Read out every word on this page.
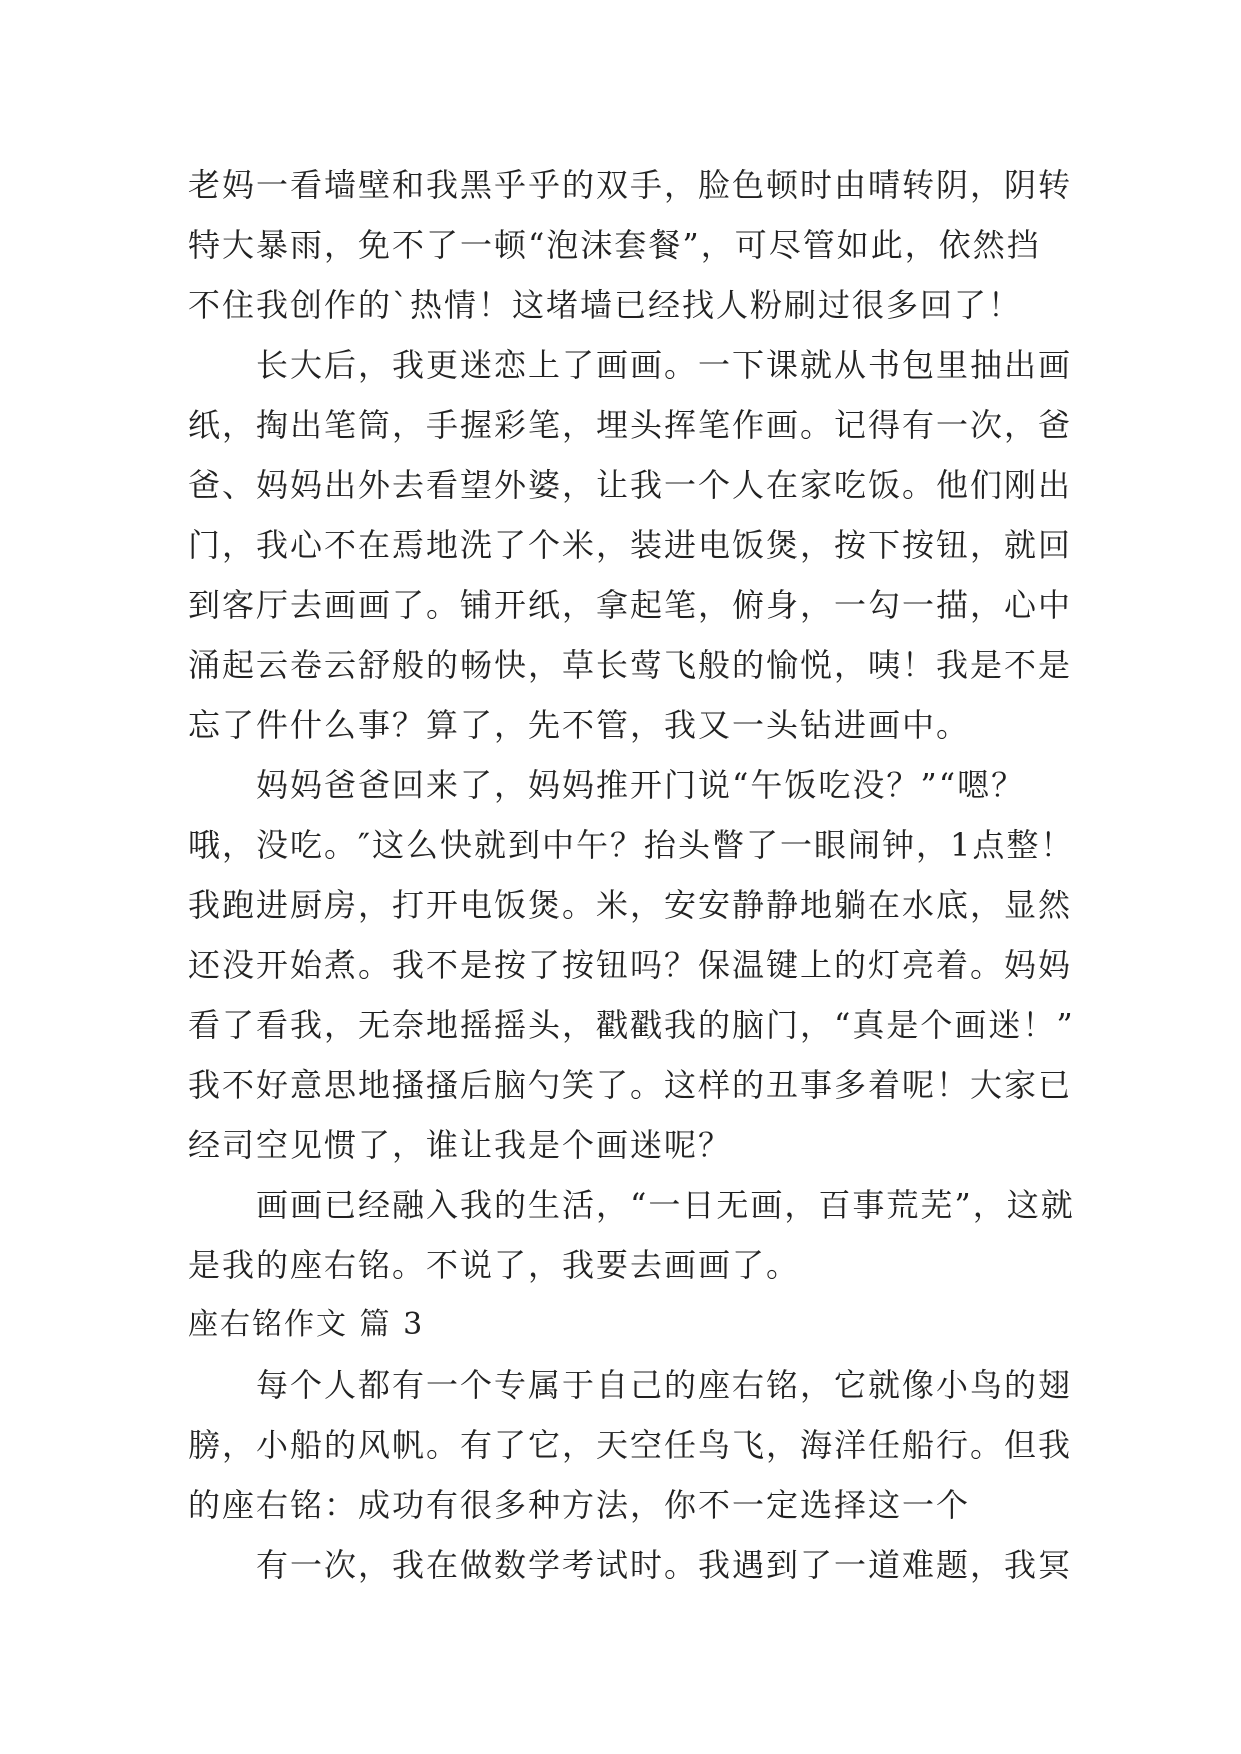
老妈一看墙壁和我黑乎乎的双手，脸色顿时由晴转阴，阴转
特大暴雨，免不了一顿“泡沫套餐”，可尽管如此，依然挡
不住我创作的`热情！这堵墙已经找人粉刷过很多回了！
长大后，我更迷恋上了画画。一下课就从书包里抽出画
纸，掏出笔筒，手握彩笔，埋头挥笔作画。记得有一次，爸
爸、妈妈出外去看望外婆，让我一个人在家吃饭。他们刚出
门，我心不在焉地洗了个米，装进电饭煲，按下按钮，就回
到客厅去画画了。铺开纸，拿起笔，俯身，一勾一描，心中
涌起云卷云舒般的畅快，草长莺飞般的愉悦，咦！我是不是
忘了件什么事？算了，先不管，我又一头钻进画中。
妈妈爸爸回来了，妈妈推开门说“午饭吃没？”“嗯？
哦，没吃。″这么快就到中午？抬头瞥了一眼闹钟，1点整！
我跑进厨房，打开电饭煲。米，安安静静地躺在水底，显然
还没开始煮。我不是按了按钮吗？保温键上的灯亮着。妈妈
看了看我，无奈地摇摇头，戳戳我的脑门，“真是个画迷！”
我不好意思地搔搔后脑勺笑了。这样的丑事多着呢！大家已
经司空见惯了，谁让我是个画迷呢？
画画已经融入我的生活，“一日无画，百事荒芜”，这就
是我的座右铭。不说了，我要去画画了。
座右铭作文 篇 3
每个人都有一个专属于自己的座右铭，它就像小鸟的翅
膀，小船的风帆。有了它，天空任鸟飞，海洋任船行。但我
的座右铭：成功有很多种方法，你不一定选择这一个
有一次，我在做数学考试时。我遇到了一道难题，我冥
